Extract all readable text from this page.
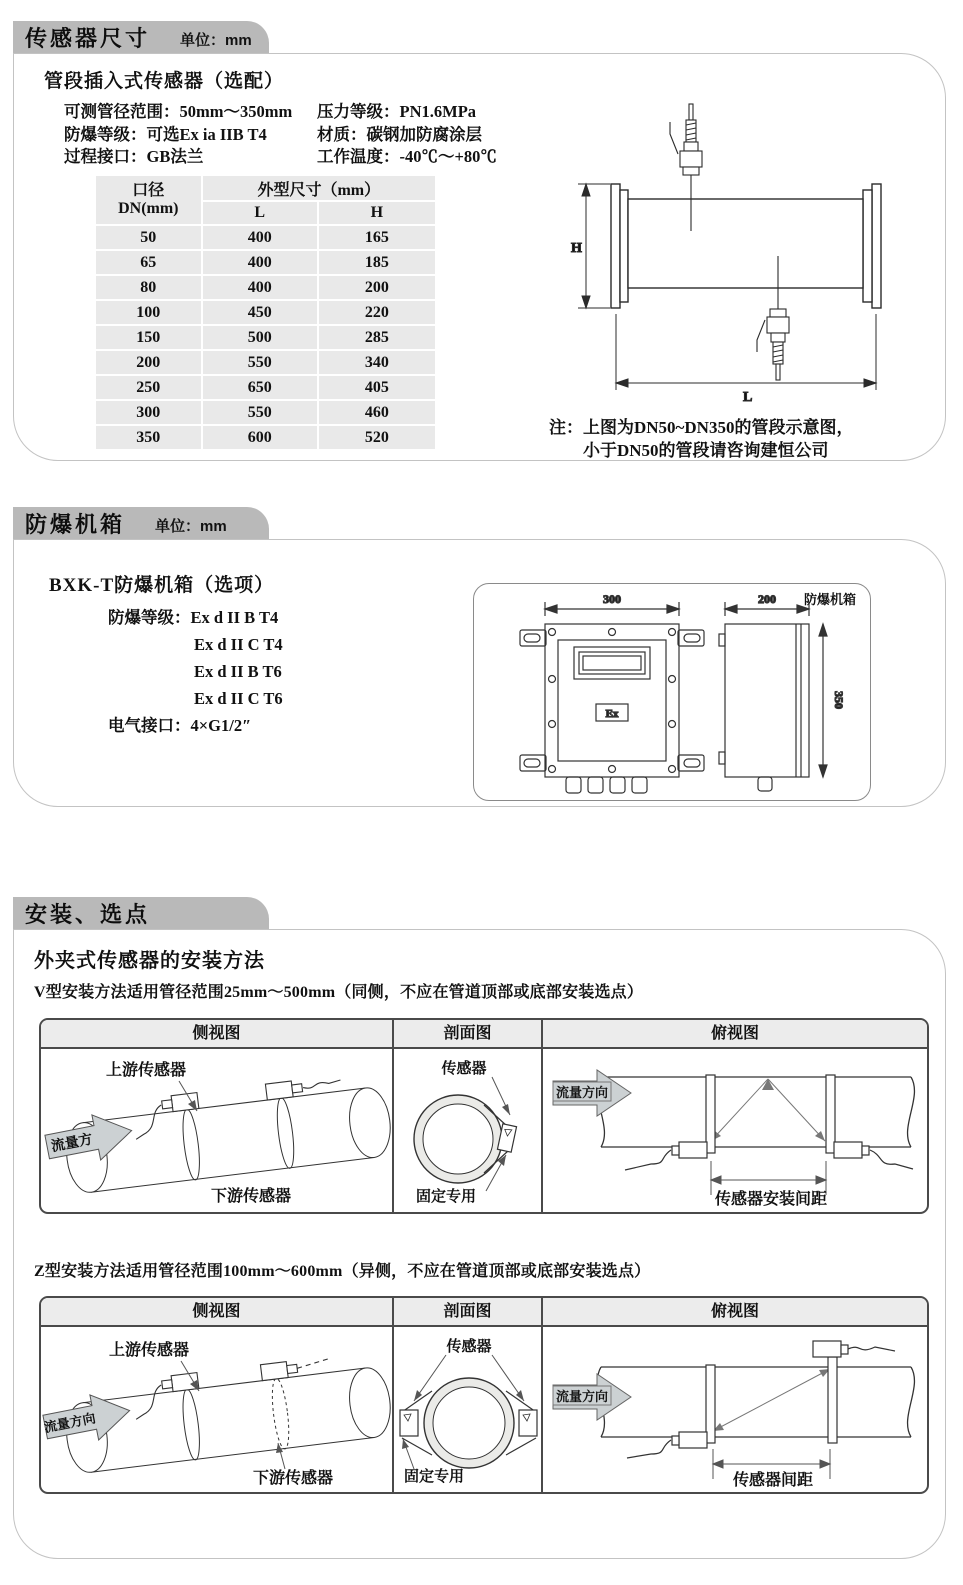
传感器尺寸	单位：mm
管段插入式传感器（选配）
可测管径范围：50mm～350mm
防爆等级：可选Ex ia IIB T4
过程接口：GB法兰
压力等级：PN1.6MPa
材质：碳钢加防腐涂层
工作温度：-40℃～+80℃
口径
DN(mm)	外型尺寸（mm）	
	L	H
50	400	165
65	400	185
80	400	200
100	450	220
150	500	285
200	550	340
250	650	405
300	550	460
350	600	520
H
L
注：上图为DN50~DN350的管段示意图，
小于DN50的管段请咨询建恒公司
防爆机箱	单位：mm
BXK-T防爆机箱（选项）
防爆等级：Ex d II B T4
Ex d II C T4
Ex d II B T6
Ex d II C T6
电气接口：4×G1/2″
防爆机箱
300
Ex
200
350
安装、选点
外夹式传感器的安装方法
V型安装方法适用管径范围25mm～500mm（同侧，不应在管道顶部或底部安装选点）
侧视图	剖面图	俯视图
上游传感器
下游传感器
流量方
传感器
固定专用	传感器安装间距
流量方向
Z型安装方法适用管径范围100mm～600mm（异侧，不应在管道顶部或底部安装选点）
侧视图	剖面图	俯视图
上游传感器
下游传感器
流量方向
传感器
固定专用	传感器间距
流量方向
